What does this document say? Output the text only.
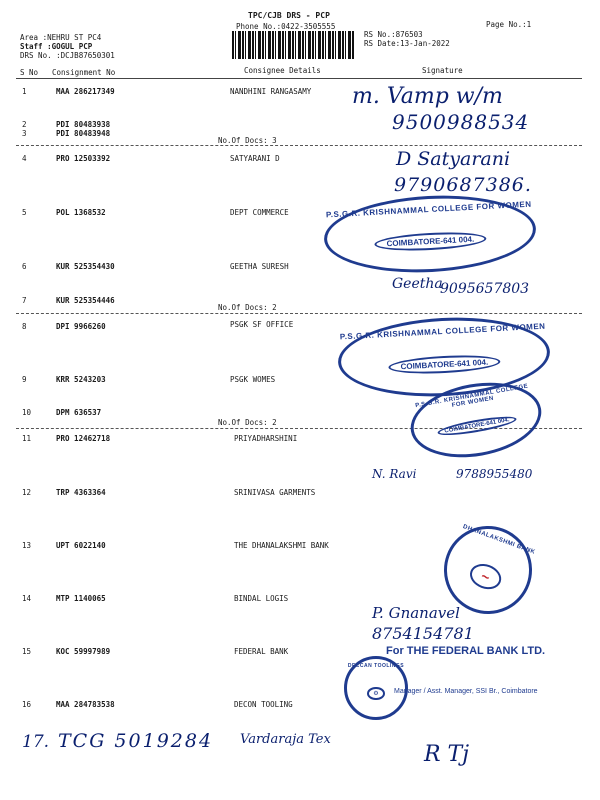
TPC/CJB DRS - PCP
Phone No.:0422-3505555
Area :NEHRU ST PC4
Staff :GOGUL PCP
DRS No. :DCJB87650301
RS No.:876503
RS Date:13-Jan-2022
Page No.:1
S No Consignment No	Consignee Details	Signature
1	MAA 286217349	NANDHINI RANGASAMY
2	PDI 80483938
3	PDI 80483948
No.Of Docs: 3
4	PRO 12503392	SATYARANI D
5	POL 1368532	DEPT COMMERCE
6	KUR 525354430	GEETHA SURESH
7	KUR 525354446
No.Of Docs: 2
8	DPI 9966260	PSGK SF OFFICE
9	KRR 5243203	PSGK WOMES
10	DPM 636537
No.Of Docs: 2
11	PRO 12462718	PRIYADHARSHINI
12	TRP 4363364	SRINIVASA GARMENTS
13	UPT 6022140	THE DHANALAKSHMI BANK
14	MTP 1140065	BINDAL LOGIS
15	KOC 59997989	FEDERAL BANK
16	MAA 284783538	DECON TOOLING
m. Vamp w/m
9500988534
D Satyarani
9790687386.
Geetha
9095657803
N. Ravi	9788955480
P. Gnanavel
8754154781
17. TCG 5019284 Vardaraja Tex
R Tj
P.S.G.R. KRISHNAMMAL COLLEGE FOR WOMEN
COIMBATORE-641 004.
P.S.G.R. KRISHNAMMAL COLLEGE FOR WOMEN
COIMBATORE-641 004.
P.S.G.R. KRISHNAMMAL COLLEGE FOR WOMEN
COIMBATORE-641 004.
DHANALAKSHMI BANK
~
For THE FEDERAL BANK LTD.
Manager / Asst. Manager, SSI Br., Coimbatore
DECCAN TOOLINGS
⚙
